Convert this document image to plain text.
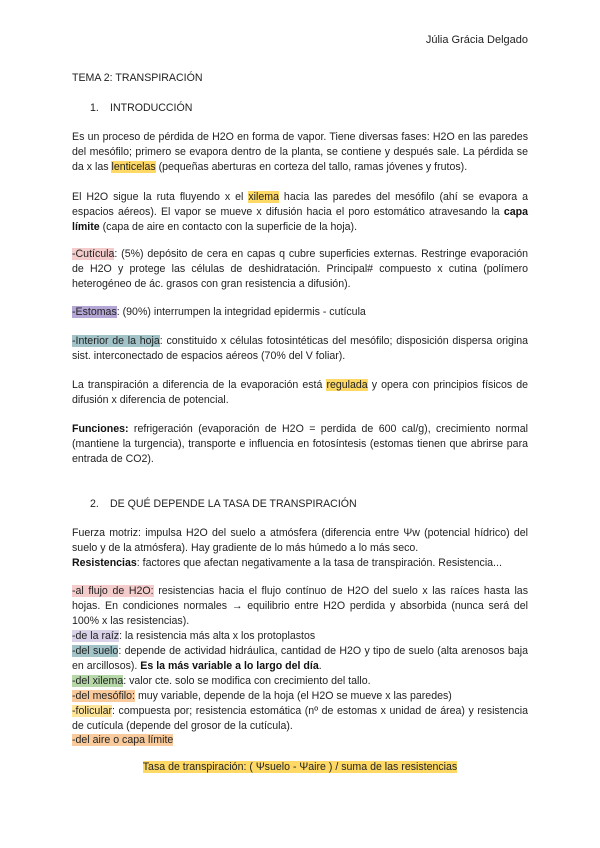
Júlia Grácia Delgado
TEMA 2: TRANSPIRACIÓN
1. INTRODUCCIÓN
Es un proceso de pérdida de H2O en forma de vapor. Tiene diversas fases: H2O en las paredes del mesófilo; primero se evapora dentro de la planta, se contiene y después sale. La pérdida se da x las lenticelas (pequeñas aberturas en corteza del tallo, ramas jóvenes y frutos).
El H2O sigue la ruta fluyendo x el xilema hacia las paredes del mesófilo (ahí se evapora a espacios aéreos). El vapor se mueve x difusión hacia el poro estomático atravesando la capa límite (capa de aire en contacto con la superficie de la hoja).
-Cutícula: (5%) depósito de cera en capas q cubre superficies externas. Restringe evaporación de H2O y protege las células de deshidratación. Principal# compuesto x cutina (polímero heterogéneo de ác. grasos con gran resistencia a difusión).
-Estomas: (90%) interrumpen la integridad epidermis - cutícula
-Interior de la hoja: constituido x células fotosintéticas del mesófilo; disposición dispersa origina sist. interconectado de espacios aéreos (70% del V foliar).
La transpiración a diferencia de la evaporación está regulada y opera con principios físicos de difusión x diferencia de potencial.
Funciones: refrigeración (evaporación de H2O = perdida de 600 cal/g), crecimiento normal (mantiene la turgencia), transporte e influencia en fotosíntesis (estomas tienen que abrirse para entrada de CO2).
2. DE QUÉ DEPENDE LA TASA DE TRANSPIRACIÓN
Fuerza motriz: impulsa H2O del suelo a atmósfera (diferencia entre Ψw (potencial hídrico) del suelo y de la atmósfera). Hay gradiente de lo más húmedo a lo más seco.
Resistencias: factores que afectan negativamente a la tasa de transpiración. Resistencia...
-al flujo de H2O: resistencias hacia el flujo contínuo de H2O del suelo x las raíces hasta las hojas. En condiciones normales → equilibrio entre H2O perdida y absorbida (nunca será del 100% x las resistencias).
-de la raíz: la resistencia más alta x los protoplastos
-del suelo: depende de actividad hidráulica, cantidad de H2O y tipo de suelo (alta arenosos baja en arcillosos). Es la más variable a lo largo del día.
-del xilema: valor cte. solo se modifica con crecimiento del tallo.
-del mesófilo: muy variable, depende de la hoja (el H2O se mueve x las paredes)
-folicular: compuesta por; resistencia estomática (nº de estomas x unidad de área) y resistencia de cutícula (depende del grosor de la cutícula).
-del aire o capa límite
Tasa de transpiración: ( Ψsuelo - Ψaire ) / suma de las resistencias
